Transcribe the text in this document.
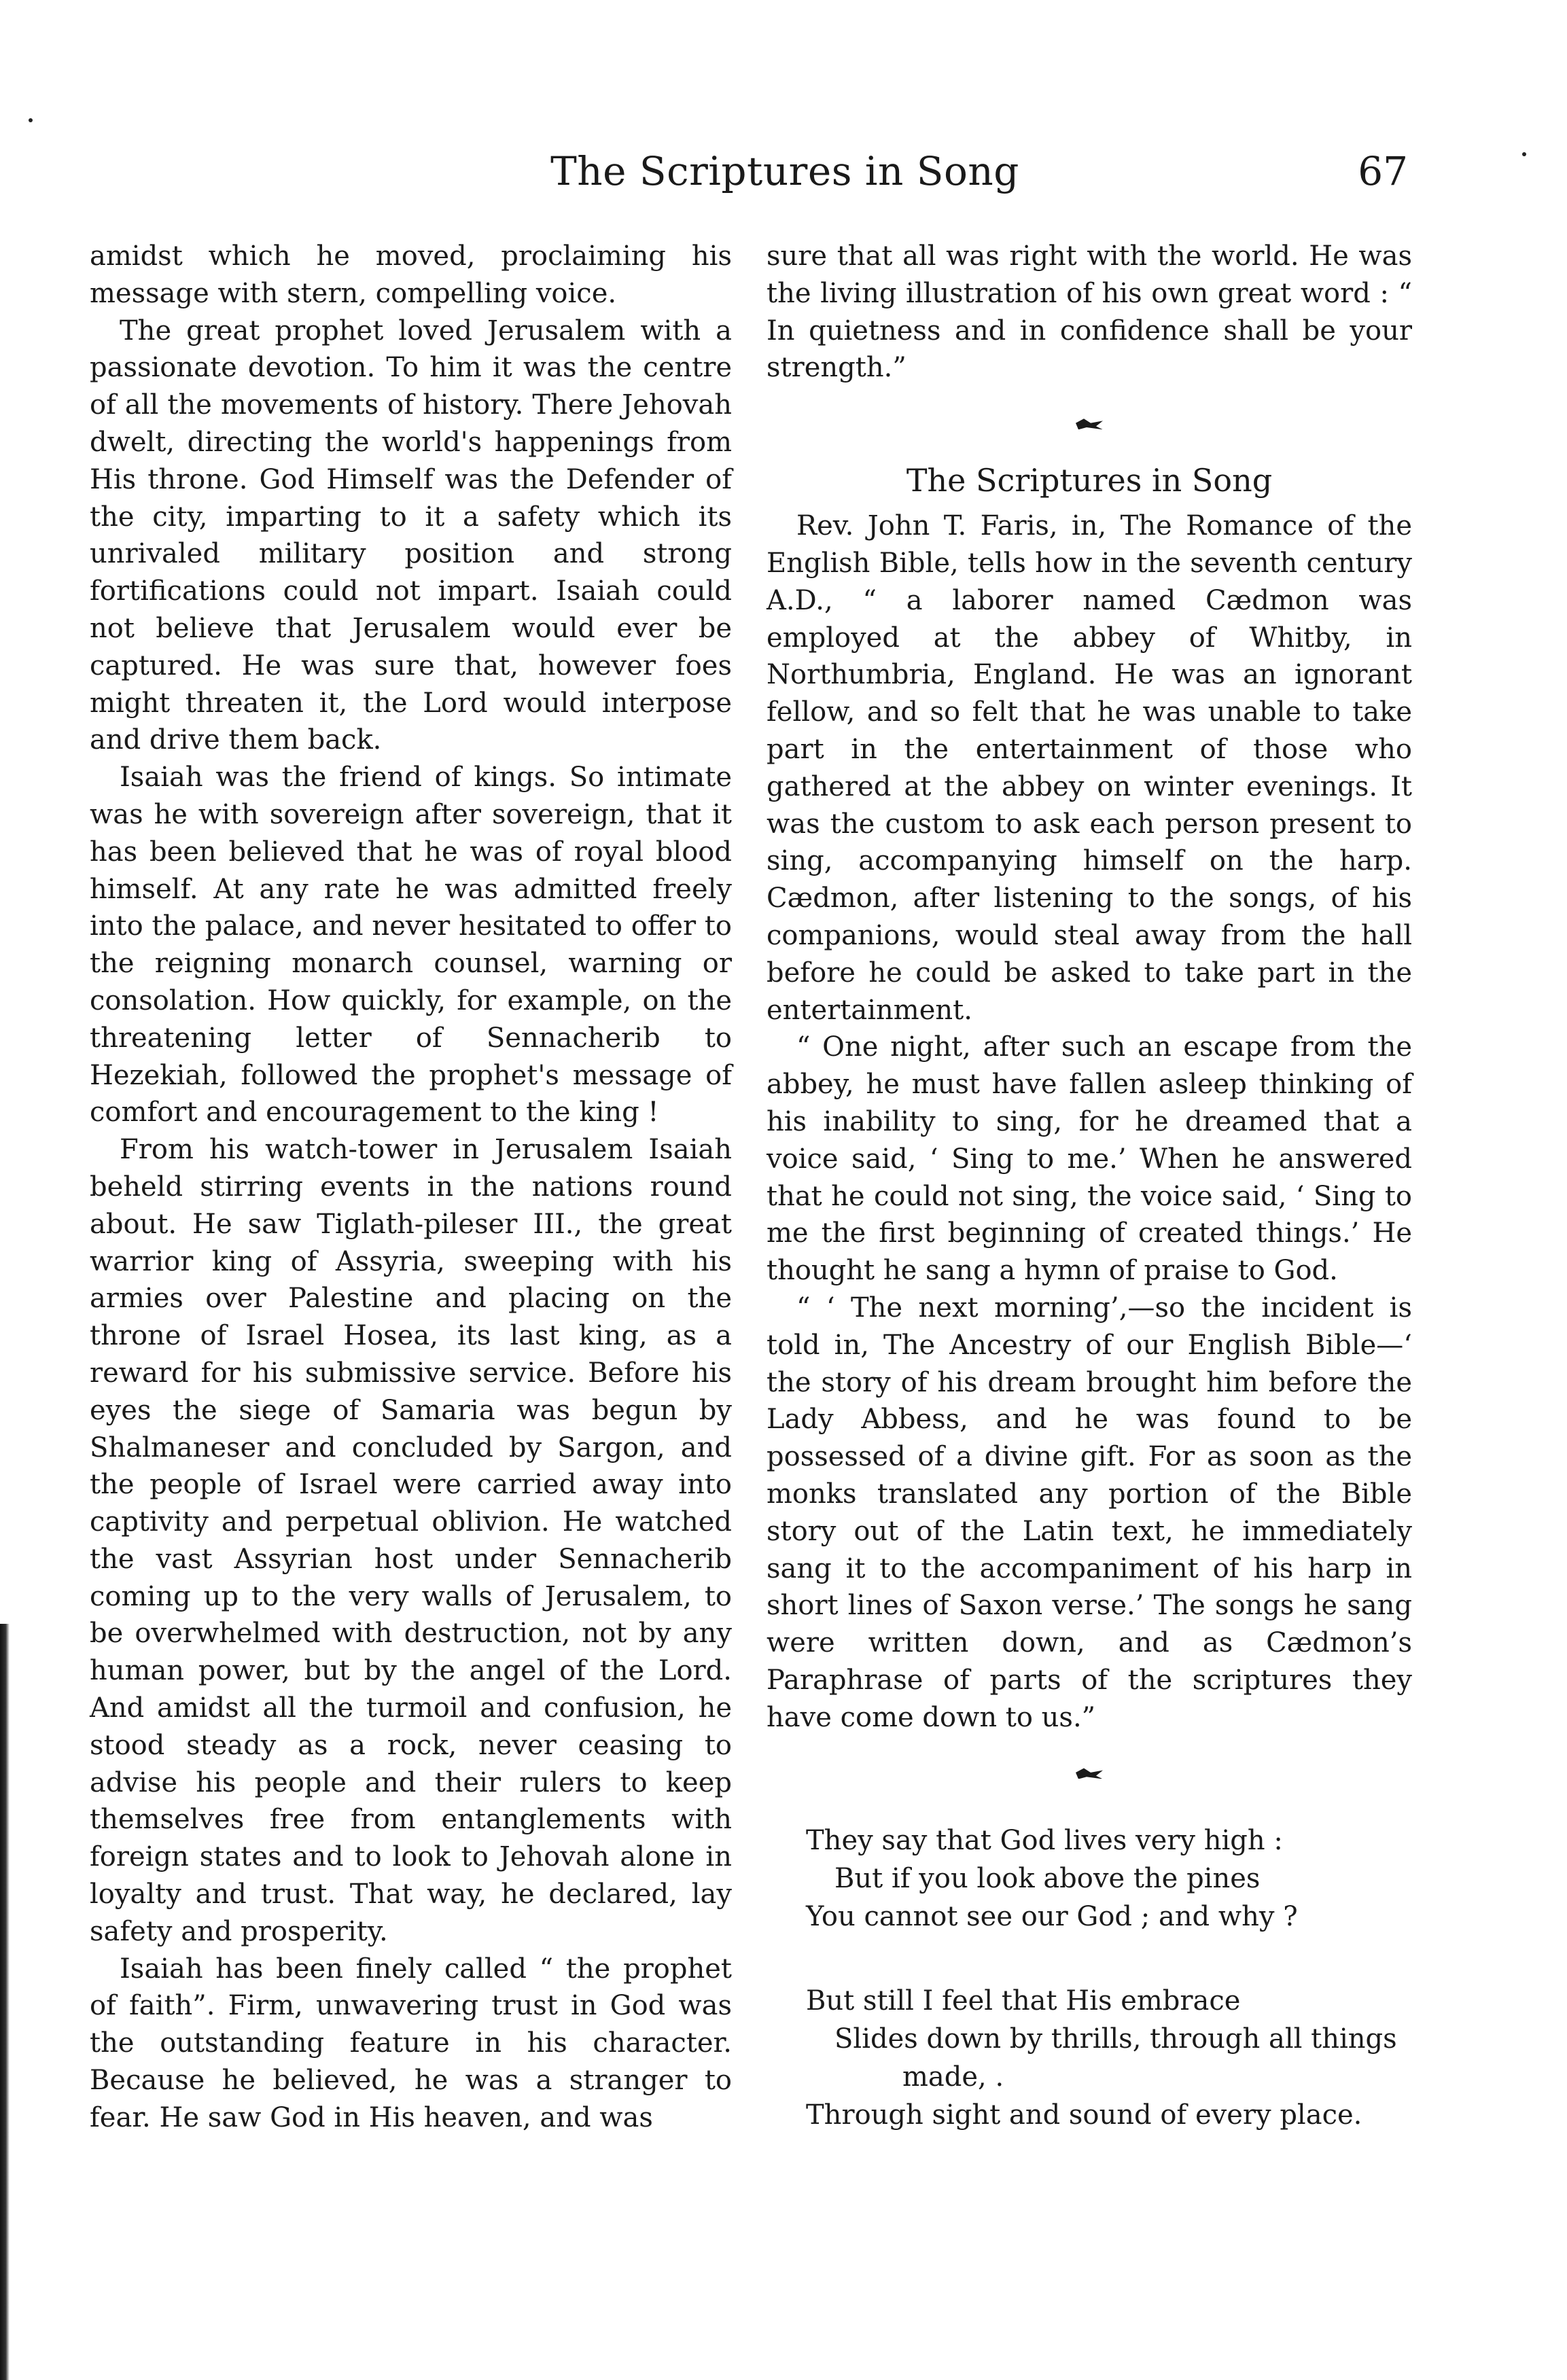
The Scriptures in Song	67

amidst which he moved, proclaiming his message with stern, compelling voice.

The great prophet loved Jerusalem with a passionate devotion. To him it was the centre of all the movements of history. There Jehovah dwelt, directing the world's happenings from His throne. God Himself was the Defender of the city, imparting to it a safety which its unrivaled military position and strong fortifications could not impart. Isaiah could not believe that Jerusalem would ever be captured. He was sure that, however foes might threaten it, the Lord would interpose and drive them back.

Isaiah was the friend of kings. So intimate was he with sovereign after sovereign, that it has been believed that he was of royal blood himself. At any rate he was admitted freely into the palace, and never hesitated to offer to the reigning monarch counsel, warning or consolation. How quickly, for example, on the threatening letter of Sennacherib to Hezekiah, followed the prophet's message of comfort and encouragement to the king !

From his watch-tower in Jerusalem Isaiah beheld stirring events in the nations round about. He saw Tiglath-pileser III., the great warrior king of Assyria, sweeping with his armies over Palestine and placing on the throne of Israel Hosea, its last king, as a reward for his submissive service. Before his eyes the siege of Samaria was begun by Shalmaneser and concluded by Sargon, and the people of Israel were carried away into captivity and perpetual oblivion. He watched the vast Assyrian host under Sennacherib coming up to the very walls of Jerusalem, to be overwhelmed with destruction, not by any human power, but by the angel of the Lord. And amidst all the turmoil and confusion, he stood steady as a rock, never ceasing to advise his people and their rulers to keep themselves free from entanglements with foreign states and to look to Jehovah alone in loyalty and trust. That way, he declared, lay safety and prosperity.

Isaiah has been finely called “ the prophet of faith”. Firm, unwavering trust in God was the outstanding feature in his character. Because he believed, he was a stranger to fear. He saw God in His heaven, and was

sure that all was right with the world. He was the living illustration of his own great word : “ In quietness and in confidence shall be your strength.”

The Scriptures in Song

Rev. John T. Faris, in, The Romance of the English Bible, tells how in the seventh century A.D., “ a laborer named Cædmon was employed at the abbey of Whitby, in Northumbria, England. He was an ignorant fellow, and so felt that he was unable to take part in the entertainment of those who gathered at the abbey on winter evenings. It was the custom to ask each person present to sing, accompanying himself on the harp. Cædmon, after listening to the songs, of his companions, would steal away from the hall before he could be asked to take part in the entertainment.

“ One night, after such an escape from the abbey, he must have fallen asleep thinking of his inability to sing, for he dreamed that a voice said, ‘ Sing to me.’ When he answered that he could not sing, the voice said, ‘ Sing to me the first beginning of created things.’ He thought he sang a hymn of praise to God.

“ ‘ The next morning’,—so the incident is told in, The Ancestry of our English Bible—‘ the story of his dream brought him before the Lady Abbess, and he was found to be possessed of a divine gift. For as soon as the monks translated any portion of the Bible story out of the Latin text, he immediately sang it to the accompaniment of his harp in short lines of Saxon verse.’ The songs he sang were written down, and as Cædmon’s Paraphrase of parts of the scriptures they have come down to us.”

They say that God lives very high :
But if you look above the pines
You cannot see our God ; and why ?
But still I feel that His embrace
Slides down by thrills, through all things
made, .
Through sight and sound of every place.
